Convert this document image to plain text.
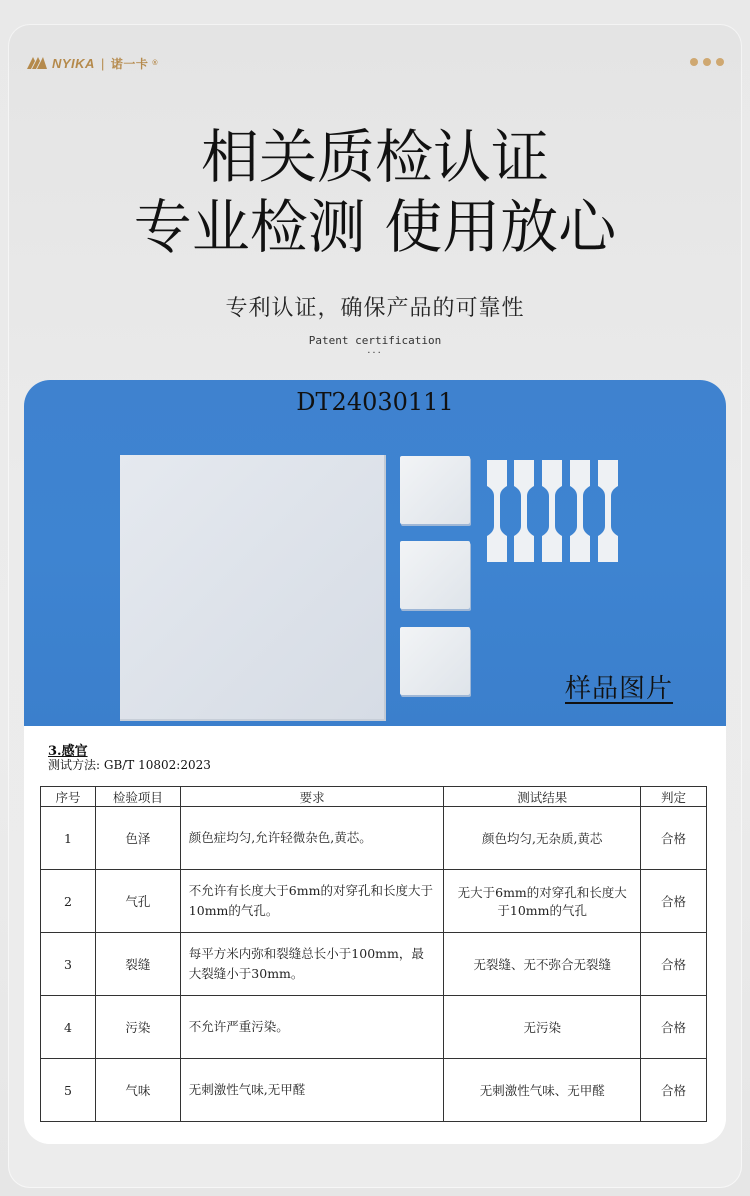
NYIKA | 诺一卡 ®
相关质检认证
专业检测 使用放心
专利认证，确保产品的可靠性
Patent certification
···
DT24030111
样品图片
3.感官
测试方法: GB/T 10802:2023
序号	检验项目	要求	测试结果	判定
1	色泽	颜色症均匀,允许轻微杂色,黄芯。	颜色均匀,无杂质,黄芯	合格
2	气孔	不允许有长度大于6mm的对穿孔和长度大于10mm的气孔。	无大于6mm的对穿孔和长度大于10mm的气孔	合格
3	裂缝	每平方米内弥和裂缝总长小于100mm，最大裂缝小于30mm。	无裂缝、无不弥合无裂缝	合格
4	污染	不允许严重污染。	无污染	合格
5	气味	无刺激性气味,无甲醛	无刺激性气味、无甲醛	合格
